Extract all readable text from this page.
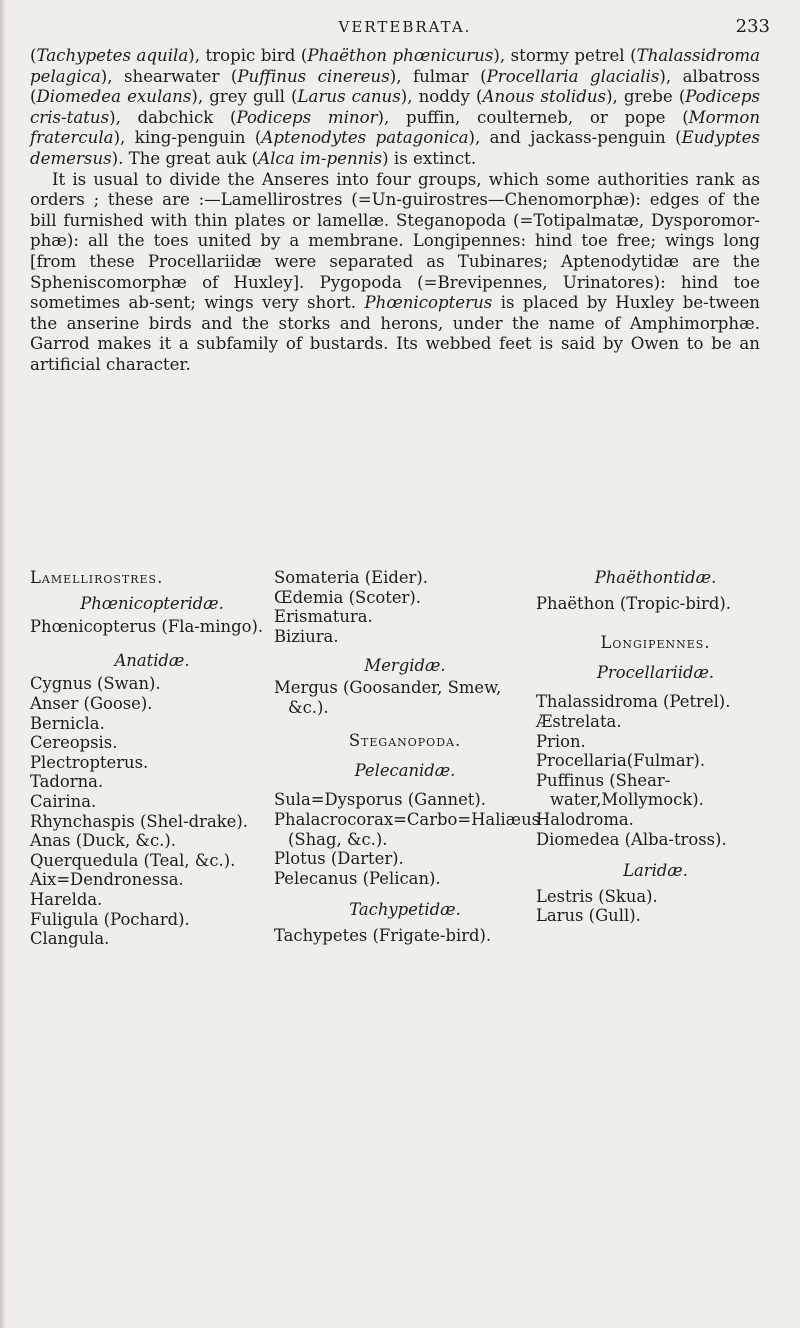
VERTEBRATA.	233

(Tachypetes aquila), tropic bird (Phaëthon phœnicurus), stormy petrel (Thalassidroma pelagica), shearwater (Puffinus cinereus), fulmar (Procellaria glacialis), albatross (Diomedea exulans), grey gull (Larus canus), noddy (Anous stolidus), grebe (Podiceps cris-tatus), dabchick (Podiceps minor), puffin, coulterneb, or pope (Mormon fratercula), king-penguin (Aptenodytes patagonica), and jackass-penguin (Eudyptes demersus). The great auk (Alca im-pennis) is extinct.

It is usual to divide the Anseres into four groups, which some authorities rank as orders ; these are :—Lamellirostres (=Un-guirostres—Chenomorphæ): edges of the bill furnished with thin plates or lamellæ. Steganopoda (=Totipalmatæ, Dysporomor-phæ): all the toes united by a membrane. Longipennes: hind toe free; wings long [from these Procellariidæ were separated as Tubinares; Aptenodytidæ are the Spheniscomorphæ of Huxley]. Pygopoda (=Brevipennes, Urinatores): hind toe sometimes ab-sent; wings very short. Phœnicopterus is placed by Huxley be-tween the anserine birds and the storks and herons, under the name of Amphimorphæ. Garrod makes it a subfamily of bustards. Its webbed feet is said by Owen to be an artificial character.

Lamellirostres.

Phœnicopteridæ.

Phœnicopterus (Fla-mingo).

Anatidæ.

Cygnus (Swan).

Anser (Goose).

Bernicla.

Cereopsis.

Plectropterus.

Tadorna.

Cairina.

Rhynchaspis (Shel-drake).

Anas (Duck, &c.).

Querquedula (Teal, &c.).

Aix=Dendronessa.

Harelda.

Fuligula (Pochard).

Clangula.

Somateria (Eider).

Œdemia (Scoter).

Erismatura.

Biziura.

Mergidæ.

Mergus (Goosander, Smew, &c.).

Steganopoda.

Pelecanidæ.

Sula=Dysporus (Gannet).

Phalacrocorax=Carbo=Haliæus (Shag, &c.).

Plotus (Darter).

Pelecanus (Pelican).

Tachypetidæ.

Tachypetes (Frigate-bird).

Phaëthontidæ.

Phaëthon (Tropic-bird).

Longipennes.

Procellariidæ.

Thalassidroma (Petrel).

Æstrelata.

Prion.

Procellaria(Fulmar).

Puffinus (Shear-water,Mollymock).

Halodroma.

Diomedea (Alba-tross).

Laridæ.

Lestris (Skua).

Larus (Gull).
